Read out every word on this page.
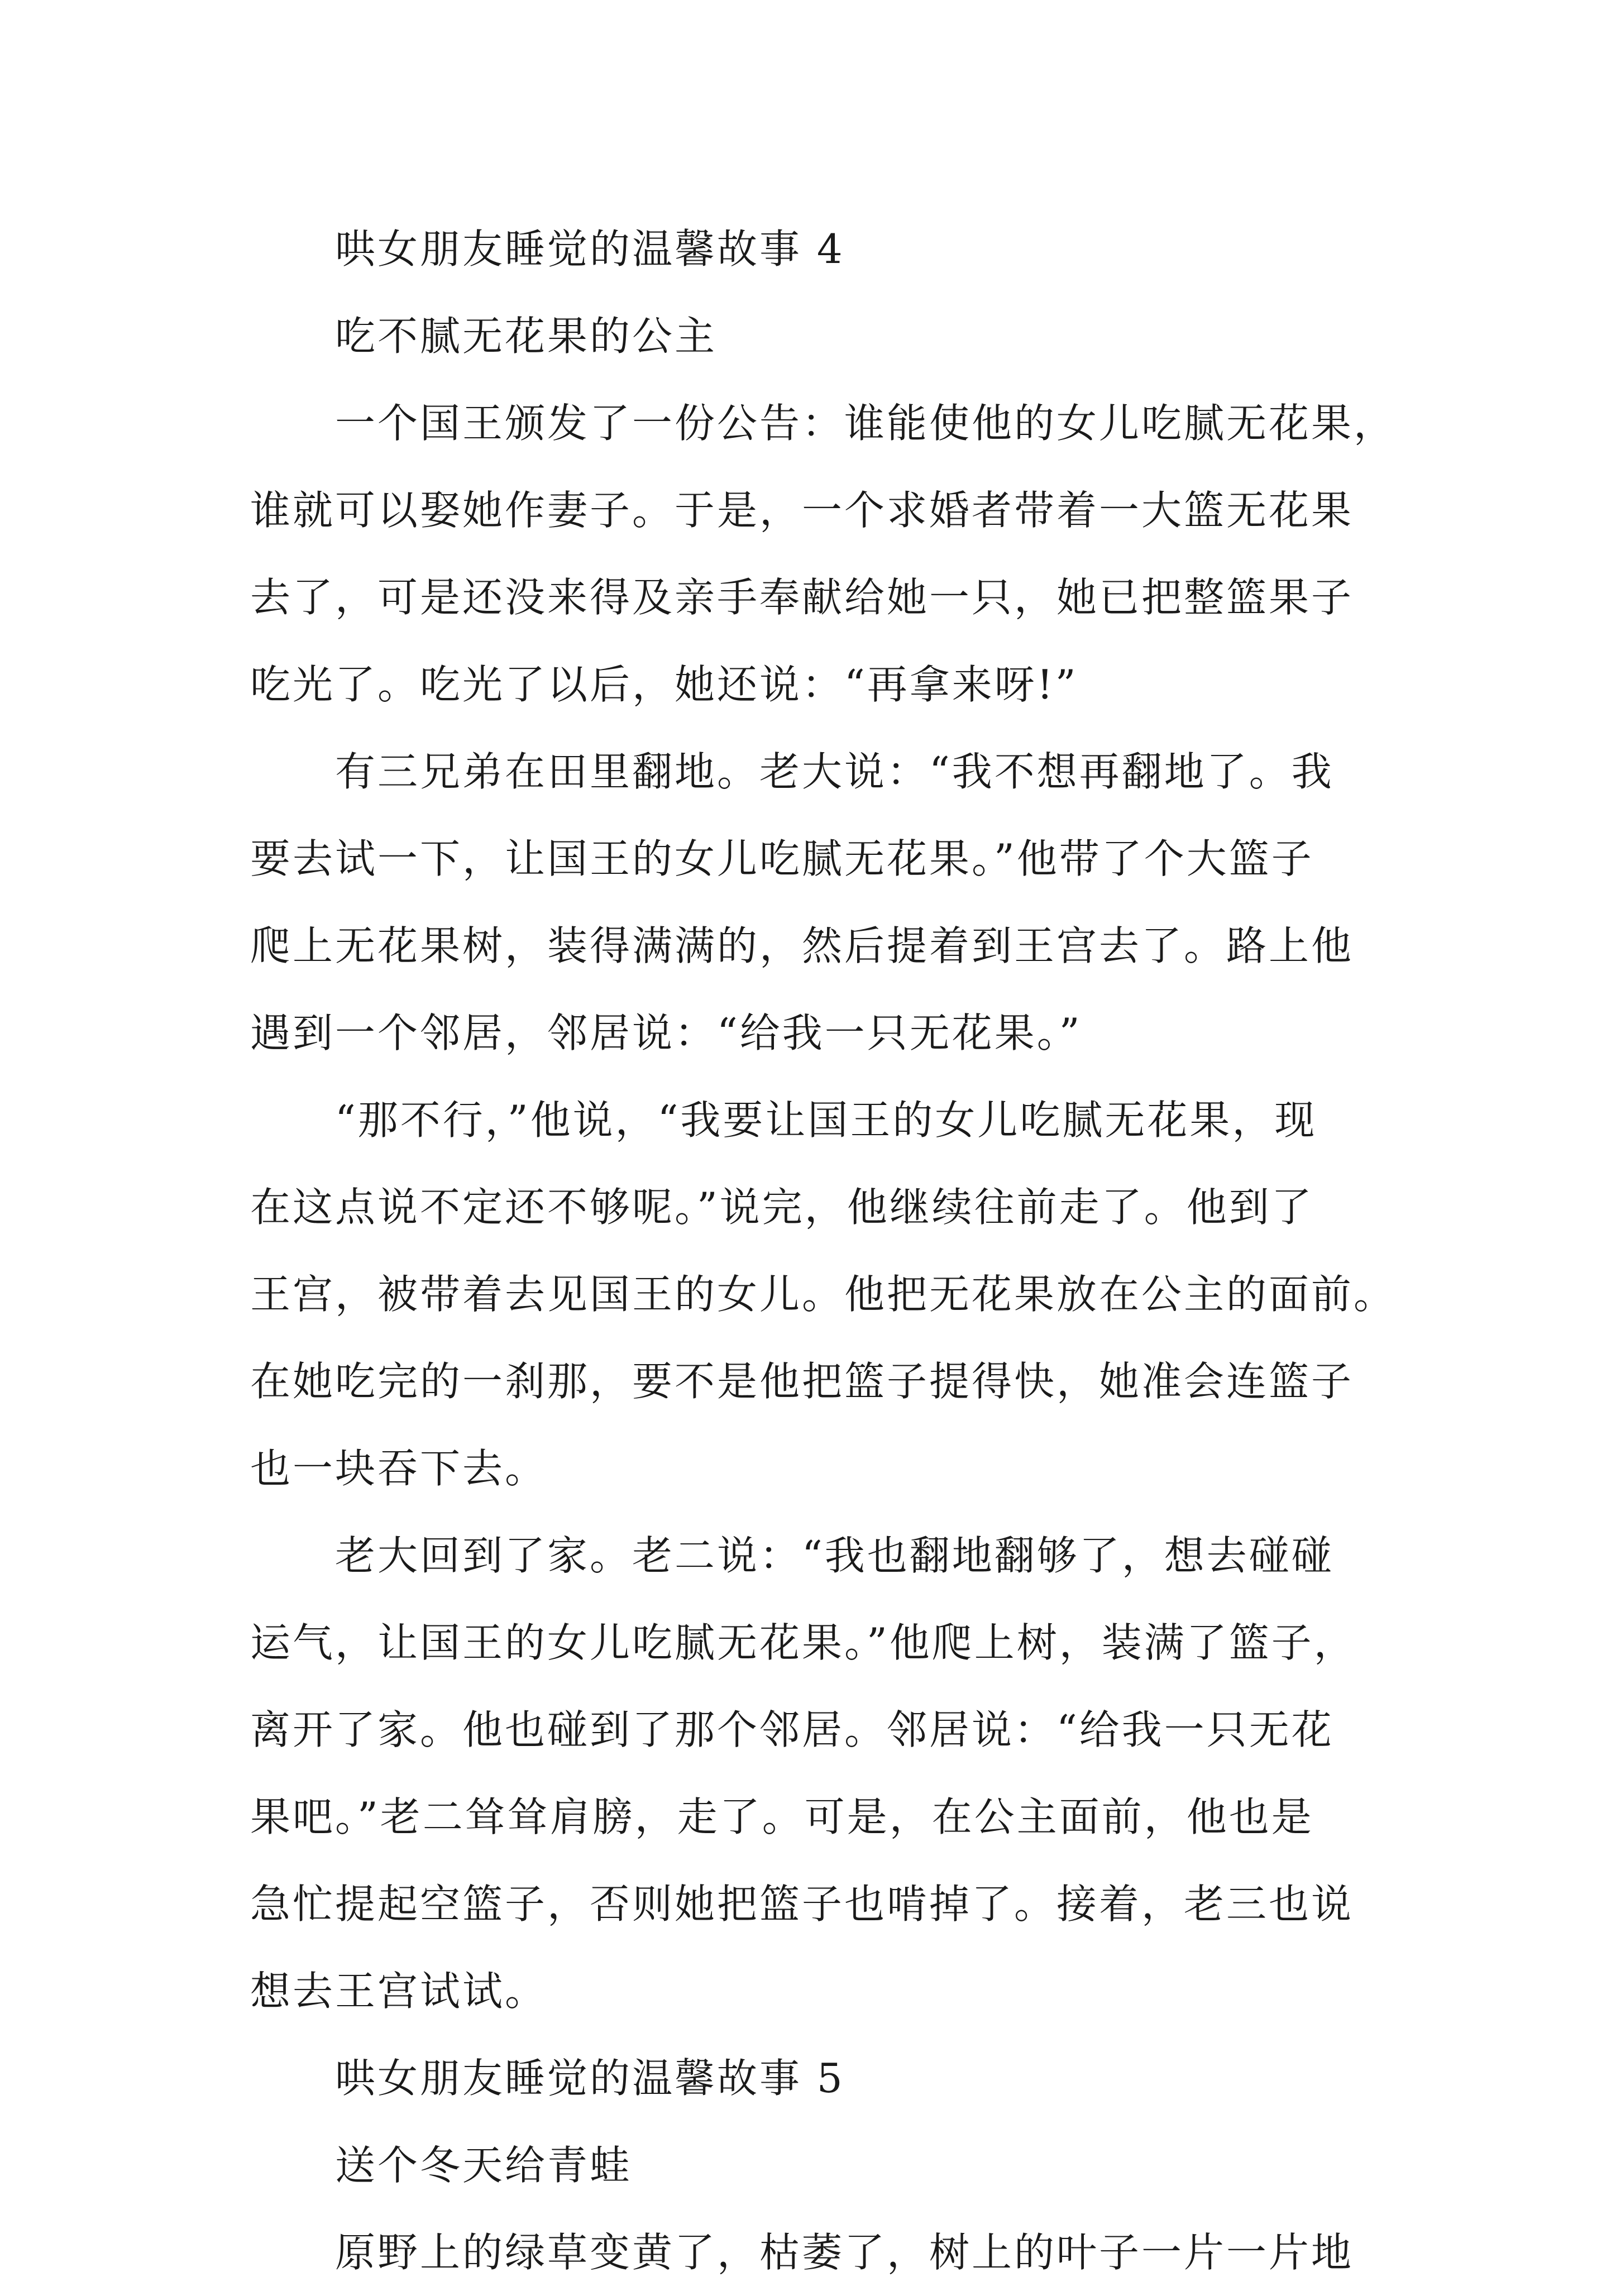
哄女朋友睡觉的温馨故事 4
吃不腻无花果的公主
一个国王颁发了一份公告：谁能使他的女儿吃腻无花果，
谁就可以娶她作妻子。于是，一个求婚者带着一大篮无花果
去了，可是还没来得及亲手奉献给她一只，她已把整篮果子
吃光了。吃光了以后，她还说：“再拿来呀!”
有三兄弟在田里翻地。老大说：“我不想再翻地了。我
要去试一下，让国王的女儿吃腻无花果。”他带了个大篮子
爬上无花果树，装得满满的，然后提着到王宫去了。路上他
遇到一个邻居，邻居说：“给我一只无花果。”
“那不行，”他说，“我要让国王的女儿吃腻无花果，现
在这点说不定还不够呢。”说完，他继续往前走了。他到了
王宫，被带着去见国王的女儿。他把无花果放在公主的面前。
在她吃完的一刹那，要不是他把篮子提得快，她准会连篮子
也一块吞下去。
老大回到了家。老二说：“我也翻地翻够了，想去碰碰
运气，让国王的女儿吃腻无花果。”他爬上树，装满了篮子，
离开了家。他也碰到了那个邻居。邻居说：“给我一只无花
果吧。”老二耸耸肩膀，走了。可是，在公主面前，他也是
急忙提起空篮子，否则她把篮子也啃掉了。接着，老三也说
想去王宫试试。
哄女朋友睡觉的温馨故事 5
送个冬天给青蛙
原野上的绿草变黄了，枯萎了，树上的叶子一片一片地
